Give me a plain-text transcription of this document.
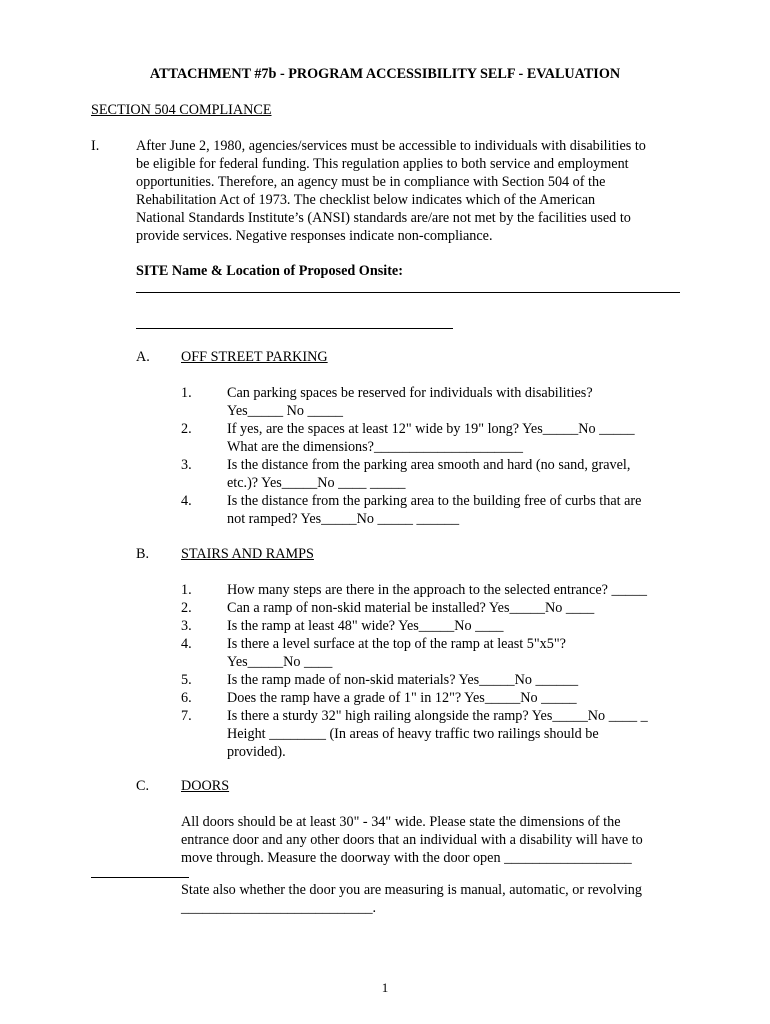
ATTACHMENT #7b - PROGRAM ACCESSIBILITY SELF - EVALUATION
SECTION 504 COMPLIANCE
I.	After June 2, 1980, agencies/services must be accessible to individuals with disabilities to
be eligible for federal funding. This regulation applies to both service and employment
opportunities. Therefore, an agency must be in compliance with Section 504 of the
Rehabilitation Act of 1973. The checklist below indicates which of the American
National Standards Institute’s (ANSI) standards are/are not met by the facilities used to
provide services. Negative responses indicate non-compliance.
SITE Name & Location of Proposed Onsite:
A. OFF STREET PARKING
1.	Can parking spaces be reserved for individuals with disabilities?
Yes_____ No _____
2.	If yes, are the spaces at least 12" wide by 19" long? Yes_____No _____
What are the dimensions?_____________________
3.	Is the distance from the parking area smooth and hard (no sand, gravel,
etc.)? Yes_____No ____ _____
4.	Is the distance from the parking area to the building free of curbs that are
not ramped? Yes_____No _____ ______
B. STAIRS AND RAMPS
1.	How many steps are there in the approach to the selected entrance? _____
2.	Can a ramp of non-skid material be installed? Yes_____No ____
3.	Is the ramp at least 48" wide? Yes_____No ____
4.	Is there a level surface at the top of the ramp at least 5"x5"?
Yes_____No ____
5.	Is the ramp made of non-skid materials? Yes_____No ______
6.	Does the ramp have a grade of 1" in 12"? Yes_____No _____
7.	Is there a sturdy 32" high railing alongside the ramp? Yes_____No ____ _
Height ________ (In areas of heavy traffic two railings should be
provided).
C. DOORS
All doors should be at least 30" - 34" wide. Please state the dimensions of the
entrance door and any other doors that an individual with a disability will have to
move through. Measure the doorway with the door open __________________
State also whether the door you are measuring is manual, automatic, or revolving
___________________________.
1
